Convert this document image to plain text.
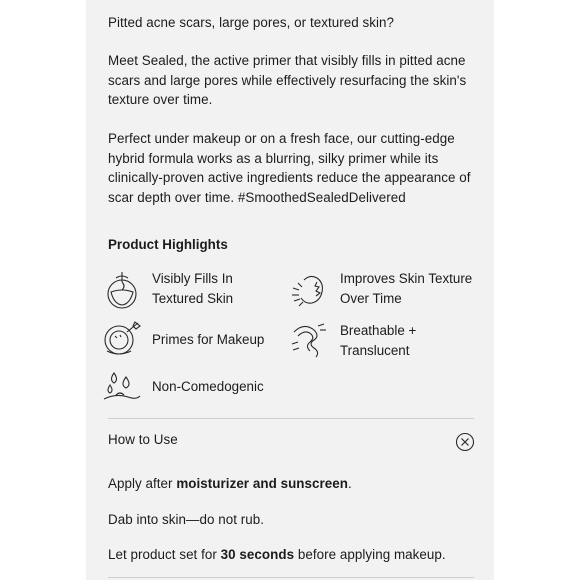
Pitted acne scars, large pores, or textured skin?

Meet Sealed, the active primer that visibly fills in pitted acne scars and large pores while effectively resurfacing the skin's texture over time.

Perfect under makeup or on a fresh face, our cutting-edge hybrid formula works as a blurring, silky primer while its clinically-proven active ingredients reduce the appearance of scar depth over time. #SmoothedSealedDelivered

Product Highlights

Visibly Fills In
Textured Skin
Improves Skin Texture
Over Time
Primes for Makeup
Breathable +
Translucent
Non-Comedogenic

How to Use

Apply after moisturizer and sunscreen.

Dab into skin—do not rub.

Let product set for 30 seconds before applying makeup.
